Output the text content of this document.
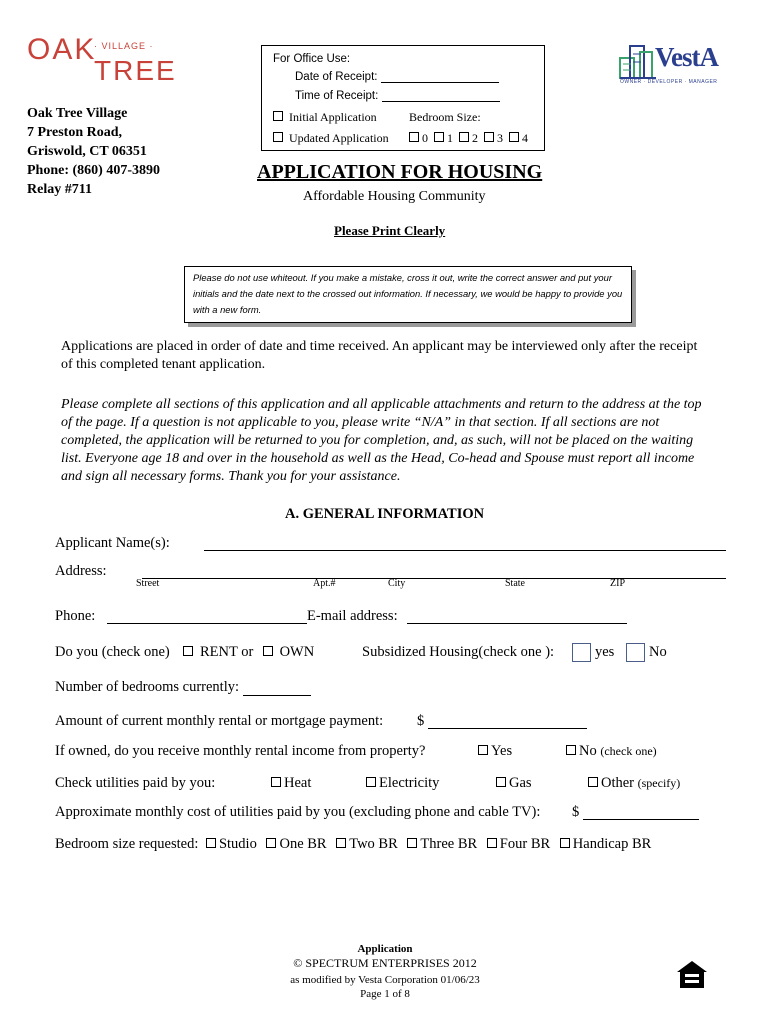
OAK
· VILLAGE ·
TREE	VestA
OWNER · DEVELOPER · MANAGER
Oak Tree Village
7 Preston Road,
Griswold, CT 06351
Phone: (860) 407-3890
Relay #711
For Office Use:
Date of Receipt:
Time of Receipt:
Initial Application	Bedroom Size:
Updated Application	0 1 2 3 4
APPLICATION FOR HOUSING
Affordable Housing Community
Please Print Clearly
Please do not use whiteout. If you make a mistake, cross it out, write the correct answer and put your initials and the date next to the crossed out information. If necessary, we would be happy to provide you with a new form.
Applications are placed in order of date and time received. An applicant may be interviewed only after the receipt of this completed tenant application.
Please complete all sections of this application and all applicable attachments and return to the address at the top of the page. If a question is not applicable to you, please write “N/A” in that section. If all sections are not completed, the application will be returned to you for completion, and, as such, will not be placed on the waiting list. Everyone age 18 and over in the household as well as the Head, Co-head and Spouse must report all income and sign all necessary forms. Thank you for your assistance.
A. GENERAL INFORMATION
Applicant Name(s):
Address:
Street	Apt.#	City	State	ZIP
Phone:	E-mail address:
Do you (check one) RENT or OWN	Subsidized Housing(check one ):	yes No
Number of bedrooms currently:
Amount of current monthly rental or mortgage payment: $
If owned, do you receive monthly rental income from property?	Yes	No (check one)
Check utilities paid by you:	Heat	Electricity	Gas	Other (specify)
Approximate monthly cost of utilities paid by you (excluding phone and cable TV): $
Bedroom size requested: Studio One BR Two BR Three BR Four BR Handicap BR
Application
© SPECTRUM ENTERPRISES 2012
as modified by Vesta Corporation 01/06/23
Page 1 of 8
